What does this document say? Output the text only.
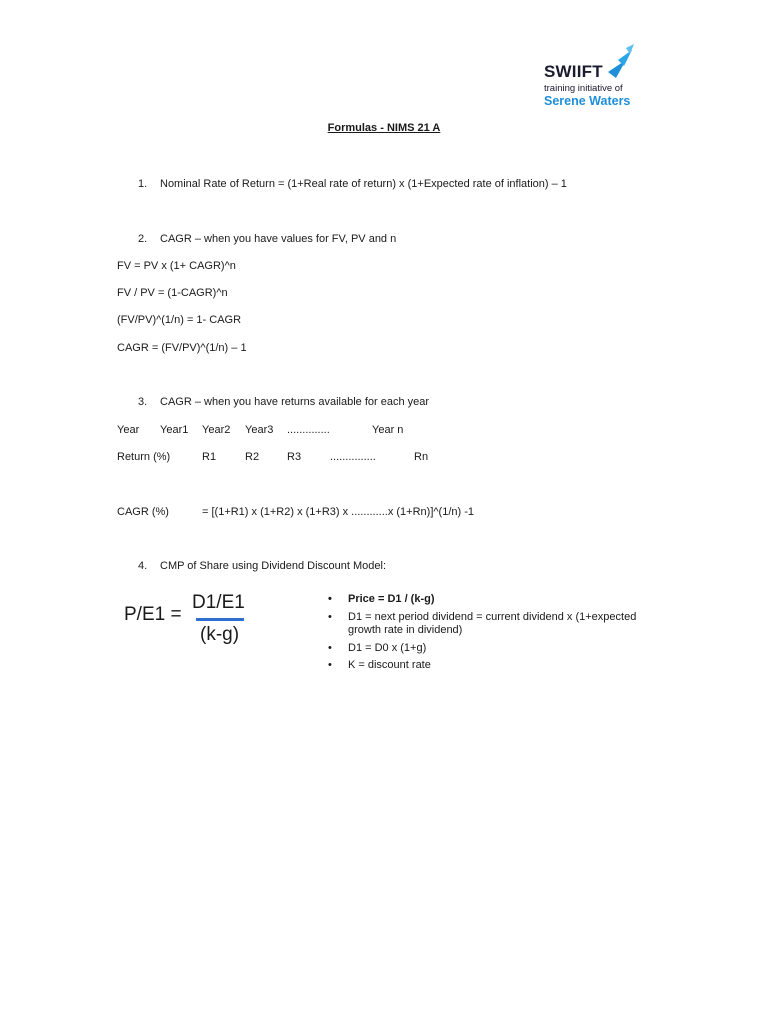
SWIIFT
training initiative of
Serene Waters
Formulas - NIMS 21 A
1. Nominal Rate of Return = (1+Real rate of return) x (1+Expected rate of inflation) – 1
2. CAGR – when you have values for FV, PV and n
FV = PV x (1+ CAGR)^n
FV / PV = (1-CAGR)^n
(FV/PV)^(1/n) = 1- CAGR
CAGR = (FV/PV)^(1/n) – 1
3. CAGR – when you have returns available for each year
Year Year1 Year2 Year3 ..............	Year n
Return (%)	R1	R2	R3	...............	Rn
CAGR (%)	= [(1+R1) x (1+R2) x (1+R3) x ............x (1+Rn)]^(1/n) -1
4. CMP of Share using Dividend Discount Model:
P/E1 =
D1/E1
(k-g)
• Price = D1 / (k-g)
• D1 = next period dividend = current dividend x (1+expected
growth rate in dividend)
• D1 = D0 x (1+g)
• K = discount rate
